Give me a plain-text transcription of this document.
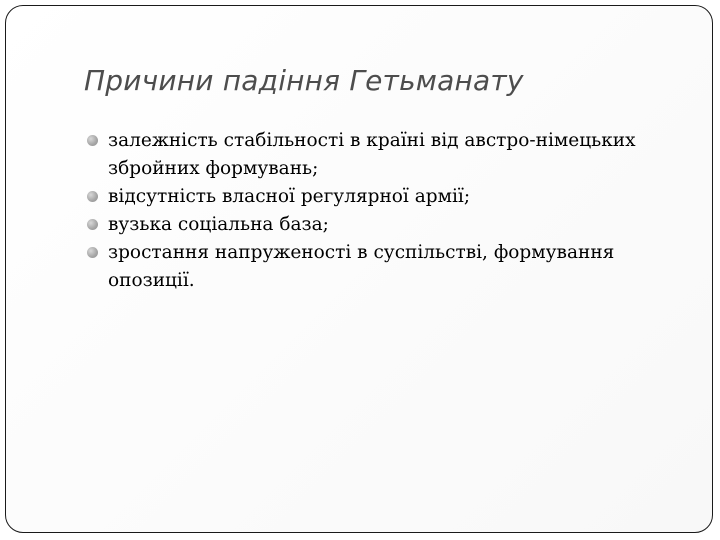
Причини падіння Гетьманату
залежність стабільності в країні від австро-німецьких збройних формувань;
відсутність власної регулярної армії;
вузька соціальна база;
зростання напруженості в суспільстві, формування опозиції.
